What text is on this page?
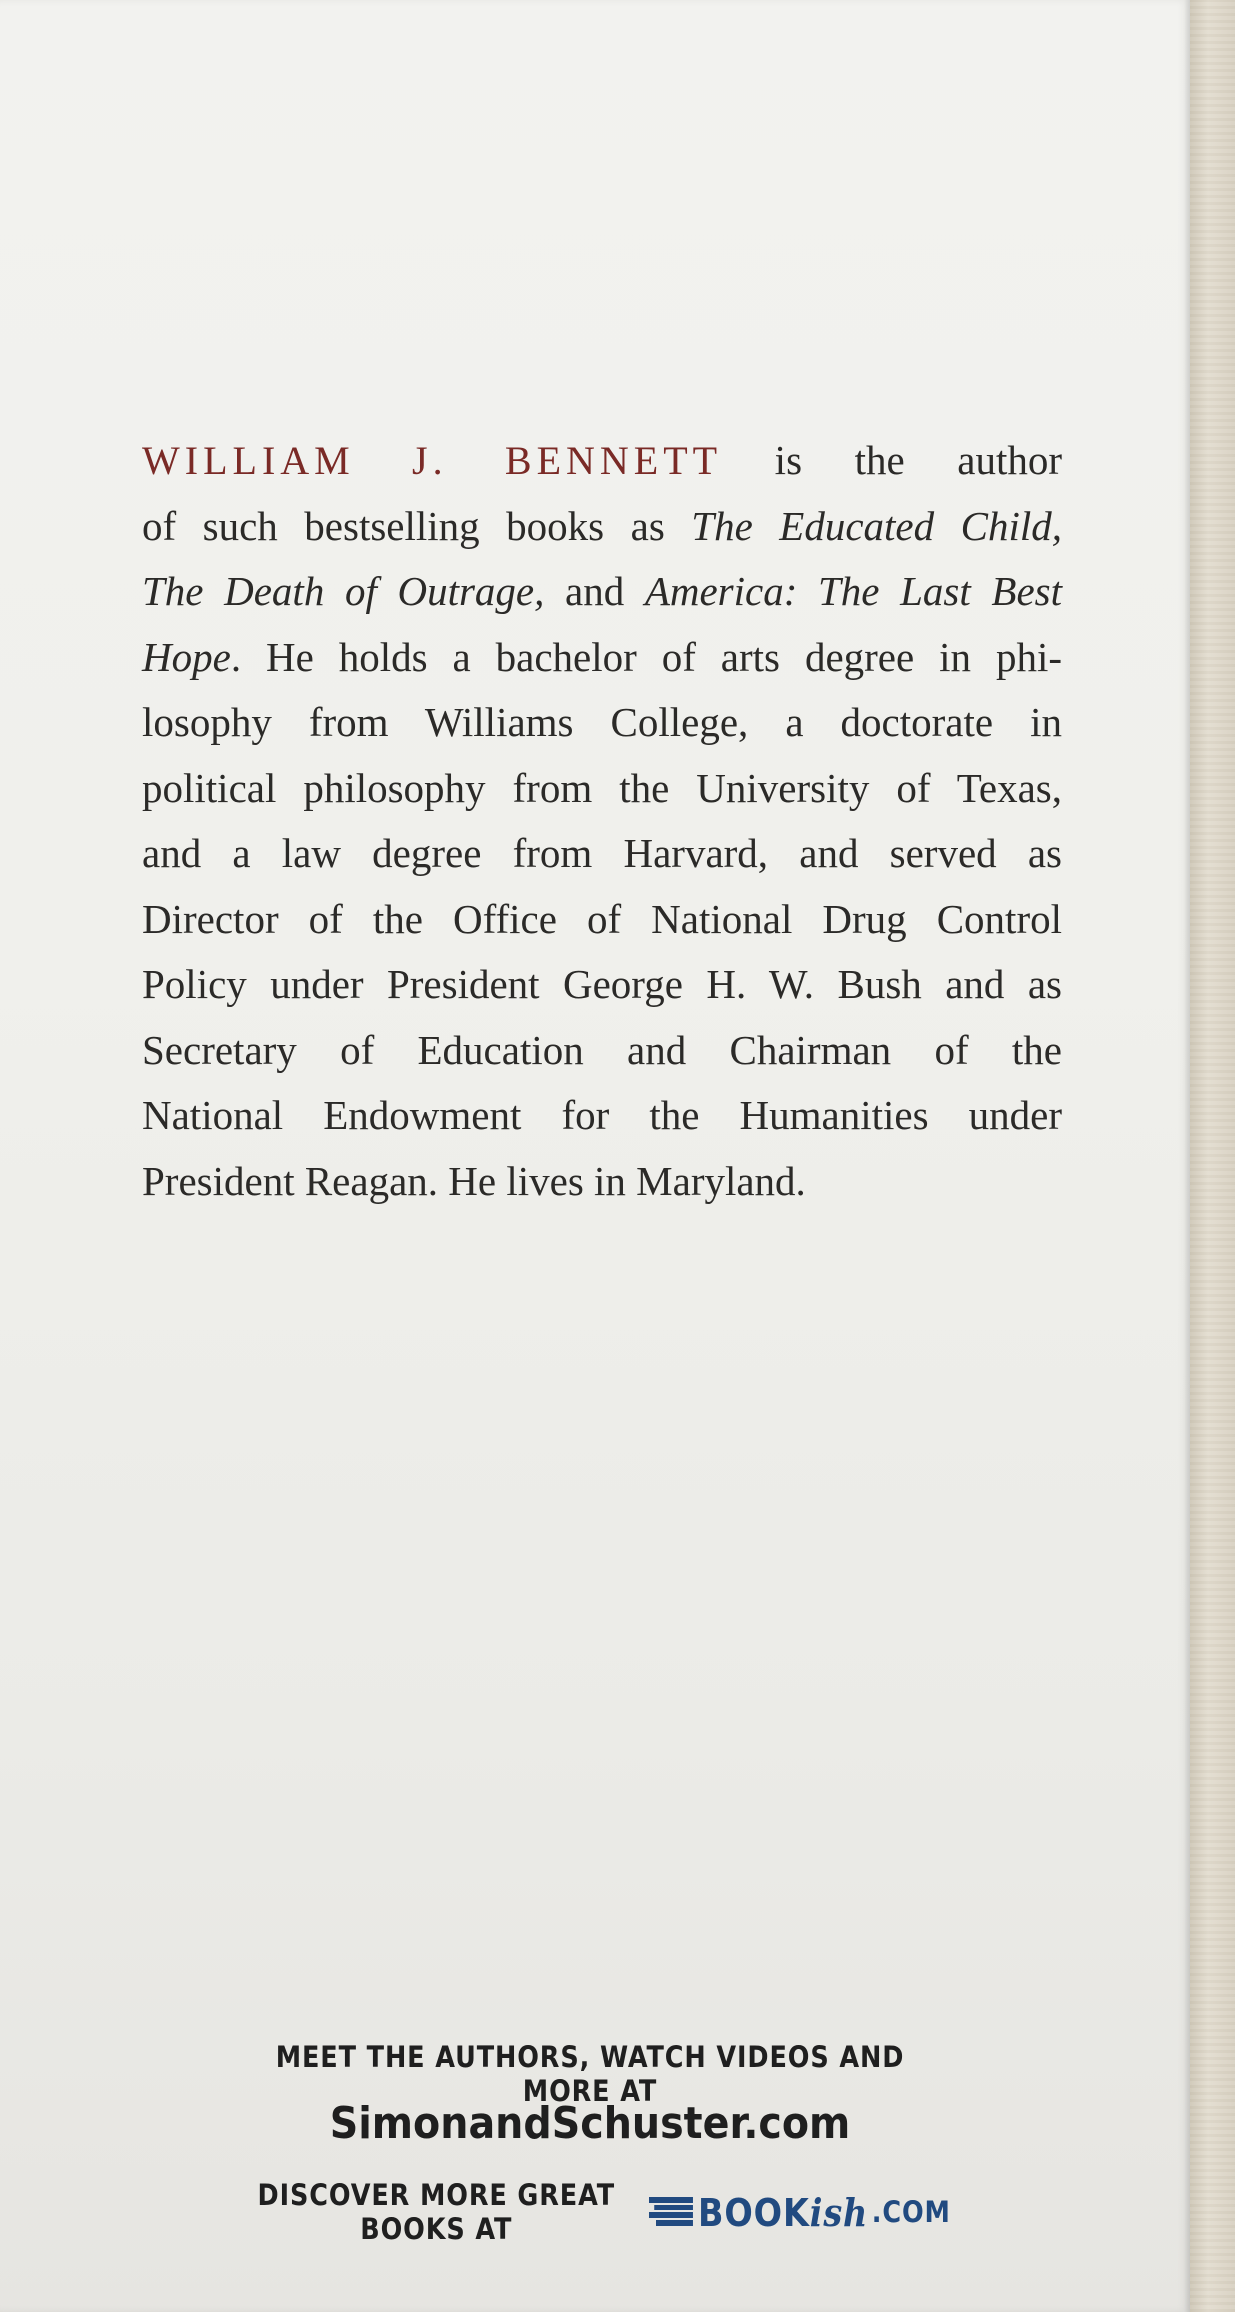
WILLIAM J. BENNETT is the author
of such bestselling books as The Educated Child,
The Death of Outrage, and America: The Last Best
Hope. He holds a bachelor of arts degree in phi-
losophy from Williams College, a doctorate in
political philosophy from the University of Texas,
and a law degree from Harvard, and served as
Director of the Office of National Drug Control
Policy under President George H. W. Bush and as
Secretary of Education and Chairman of the
National Endowment for the Humanities under
President Reagan. He lives in Maryland.
MEET THE AUTHORS, WATCH VIDEOS AND MORE AT
SimonandSchuster.com
DISCOVER MORE GREAT BOOKS AT	BOOKish .COM
